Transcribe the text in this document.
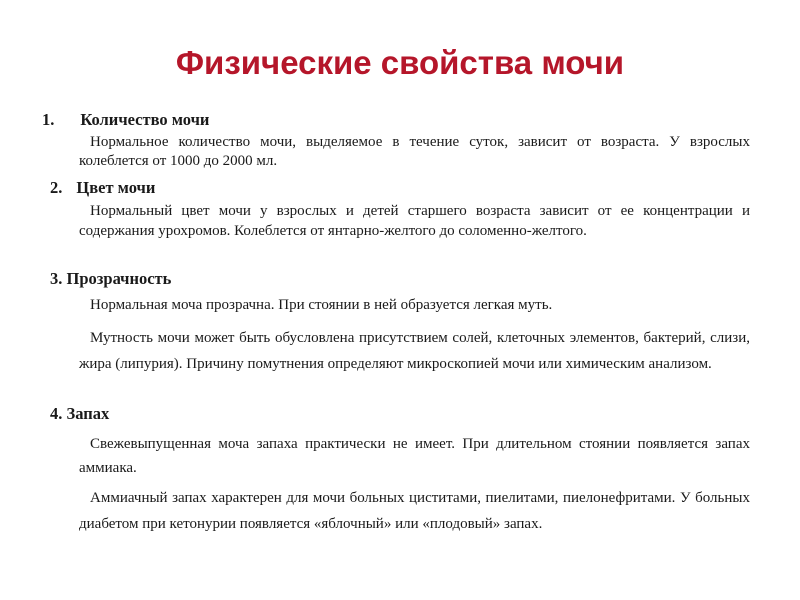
Физические свойства мочи
1. Количество мочи
Нормальное количество мочи, выделяемое в течение суток, зависит от возраста. У взрослых колеблется от 1000 до 2000 мл.
2. Цвет мочи
Нормальный цвет мочи у взрослых и детей старшего возраста зависит от ее концентрации и содержания урохромов. Колеблется от янтарно-желтого до соломенно-желтого.
3. Прозрачность
Нормальная моча прозрачна. При стоянии в ней образуется легкая муть.
Мутность мочи может быть обусловлена присутствием солей, клеточных элементов, бактерий, слизи, жира (липурия). Причину помутнения определяют микроскопией мочи или химическим анализом.
4. Запах
Свежевыпущенная моча запаха практически не имеет. При длительном стоянии появляется запах аммиака.
Аммиачный запах характерен для мочи больных циститами, пиелитами, пиелонефритами. У больных диабетом при кетонурии появляется «яблочный» или «плодовый» запах.
